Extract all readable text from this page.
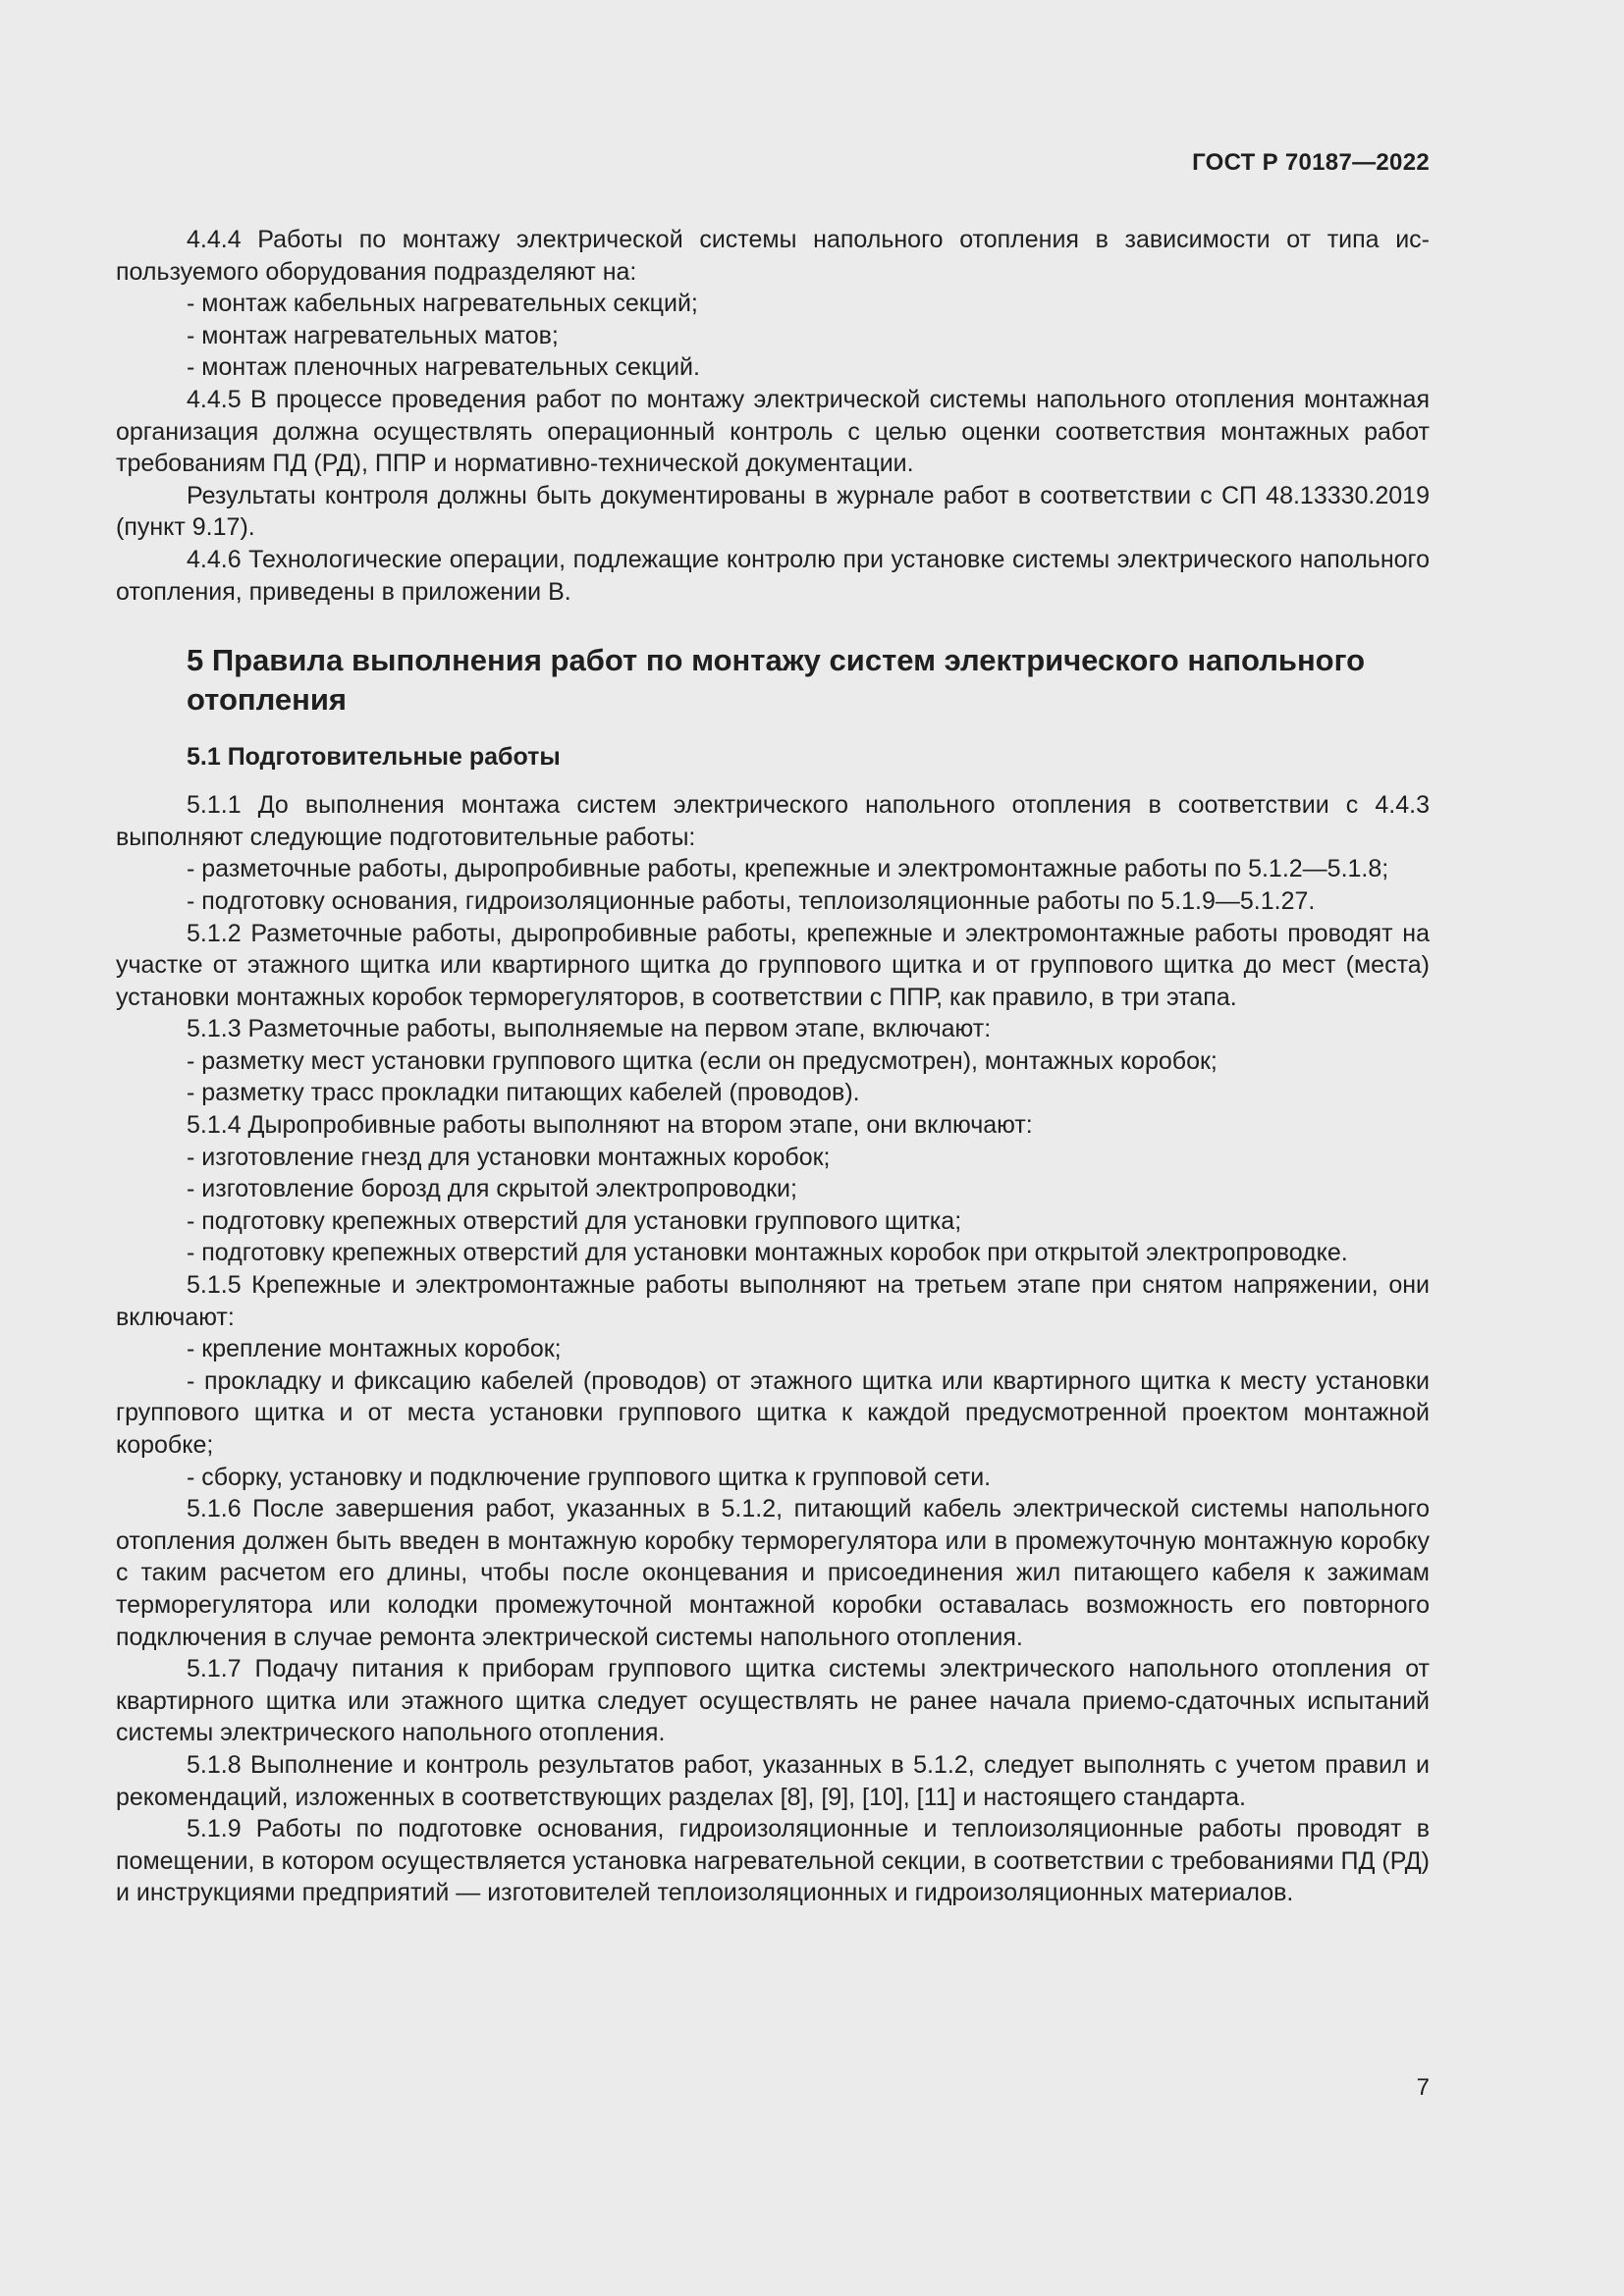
ГОСТ Р 70187—2022

4.4.4 Работы по монтажу электрической системы напольного отопления в зависимости от типа используемого оборудования подразделяют на:

- монтаж кабельных нагревательных секций;

- монтаж нагревательных матов;

- монтаж пленочных нагревательных секций.

4.4.5 В процессе проведения работ по монтажу электрической системы напольного отопления монтажная организация должна осуществлять операционный контроль с целью оценки соответствия монтажных работ требованиям ПД (РД), ППР и нормативно-технической документации.

Результаты контроля должны быть документированы в журнале работ в соответствии с СП 48.13330.2019 (пункт 9.17).

4.4.6 Технологические операции, подлежащие контролю при установке системы электрического напольного отопления, приведены в приложении В.

5 Правила выполнения работ по монтажу систем электрического напольного отопления
5.1 Подготовительные работы

5.1.1 До выполнения монтажа систем электрического напольного отопления в соответствии с 4.4.3 выполняют следующие подготовительные работы:

- разметочные работы, дыропробивные работы, крепежные и электромонтажные работы по 5.1.2—5.1.8;

- подготовку основания, гидроизоляционные работы, теплоизоляционные работы по 5.1.9—5.1.27.

5.1.2 Разметочные работы, дыропробивные работы, крепежные и электромонтажные работы проводят на участке от этажного щитка или квартирного щитка до группового щитка и от группового щитка до мест (места) установки монтажных коробок терморегуляторов, в соответствии с ППР, как правило, в три этапа.

5.1.3 Разметочные работы, выполняемые на первом этапе, включают:

- разметку мест установки группового щитка (если он предусмотрен), монтажных коробок;

- разметку трасс прокладки питающих кабелей (проводов).

5.1.4 Дыропробивные работы выполняют на втором этапе, они включают:

- изготовление гнезд для установки монтажных коробок;

- изготовление борозд для скрытой электропроводки;

- подготовку крепежных отверстий для установки группового щитка;

- подготовку крепежных отверстий для установки монтажных коробок при открытой электропроводке.

5.1.5 Крепежные и электромонтажные работы выполняют на третьем этапе при снятом напряжении, они включают:

- крепление монтажных коробок;

- прокладку и фиксацию кабелей (проводов) от этажного щитка или квартирного щитка к месту установки группового щитка и от места установки группового щитка к каждой предусмотренной проектом монтажной коробке;

- сборку, установку и подключение группового щитка к групповой сети.

5.1.6 После завершения работ, указанных в 5.1.2, питающий кабель электрической системы напольного отопления должен быть введен в монтажную коробку терморегулятора или в промежуточную монтажную коробку с таким расчетом его длины, чтобы после оконцевания и присоединения жил питающего кабеля к зажимам терморегулятора или колодки промежуточной монтажной коробки оставалась возможность его повторного подключения в случае ремонта электрической системы напольного отопления.

5.1.7 Подачу питания к приборам группового щитка системы электрического напольного отопления от квартирного щитка или этажного щитка следует осуществлять не ранее начала приемо-сдаточных испытаний системы электрического напольного отопления.

5.1.8 Выполнение и контроль результатов работ, указанных в 5.1.2, следует выполнять с учетом правил и рекомендаций, изложенных в соответствующих разделах [8], [9], [10], [11] и настоящего стандарта.

5.1.9 Работы по подготовке основания, гидроизоляционные и теплоизоляционные работы проводят в помещении, в котором осуществляется установка нагревательной секции, в соответствии с требованиями ПД (РД) и инструкциями предприятий — изготовителей теплоизоляционных и гидроизоляционных материалов.

7
